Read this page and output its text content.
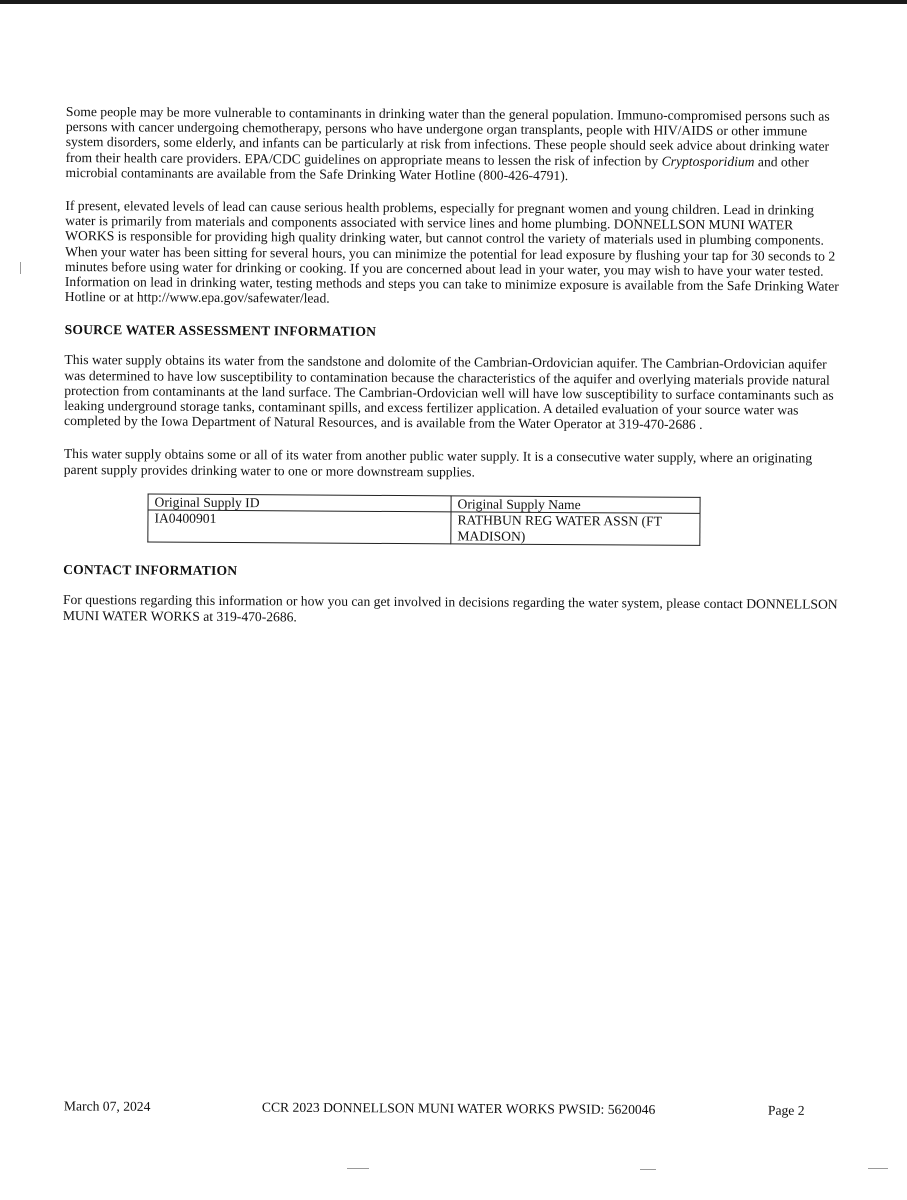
Some people may be more vulnerable to contaminants in drinking water than the general population. Immuno-compromised persons such as persons with cancer undergoing chemotherapy, persons who have undergone organ transplants, people with HIV/AIDS or other immune system disorders, some elderly, and infants can be particularly at risk from infections. These people should seek advice about drinking water from their health care providers. EPA/CDC guidelines on appropriate means to lessen the risk of infection by Cryptosporidium and other microbial contaminants are available from the Safe Drinking Water Hotline (800-426-4791).

If present, elevated levels of lead can cause serious health problems, especially for pregnant women and young children. Lead in drinking water is primarily from materials and components associated with service lines and home plumbing. DONNELLSON MUNI WATER WORKS is responsible for providing high quality drinking water, but cannot control the variety of materials used in plumbing components. When your water has been sitting for several hours, you can minimize the potential for lead exposure by flushing your tap for 30 seconds to 2 minutes before using water for drinking or cooking. If you are concerned about lead in your water, you may wish to have your water tested. Information on lead in drinking water, testing methods and steps you can take to minimize exposure is available from the Safe Drinking Water Hotline or at http://www.epa.gov/safewater/lead.

SOURCE WATER ASSESSMENT INFORMATION

This water supply obtains its water from the sandstone and dolomite of the Cambrian-Ordovician aquifer. The Cambrian-Ordovician aquifer was determined to have low susceptibility to contamination because the characteristics of the aquifer and overlying materials provide natural protection from contaminants at the land surface. The Cambrian-Ordovician well will have low susceptibility to surface contaminants such as leaking underground storage tanks, contaminant spills, and excess fertilizer application. A detailed evaluation of your source water was completed by the Iowa Department of Natural Resources, and is available from the Water Operator at 319-470-2686 .

This water supply obtains some or all of its water from another public water supply. It is a consecutive water supply, where an originating parent supply provides drinking water to one or more downstream supplies.

Original Supply ID	Original Supply Name
IA0400901	RATHBUN REG WATER ASSN (FT MADISON)
CONTACT INFORMATION

For questions regarding this information or how you can get involved in decisions regarding the water system, please contact DONNELLSON MUNI WATER WORKS at 319-470-2686.

March 07, 2024	CCR 2023 DONNELLSON MUNI WATER WORKS PWSID: 5620046	Page 2
